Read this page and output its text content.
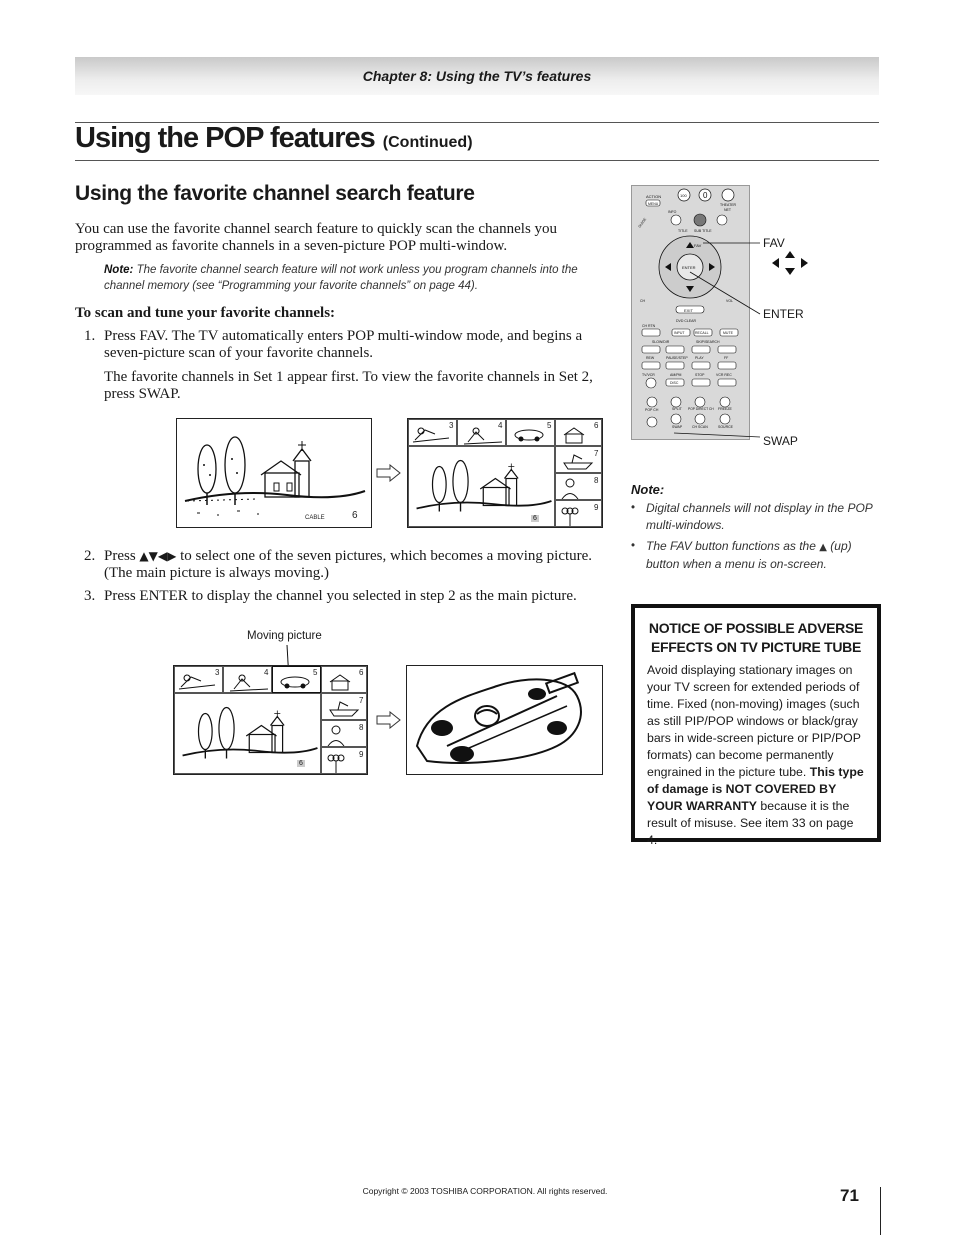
Chapter 8: Using the TV’s features
Using the POP features (Continued)
Using the favorite channel search feature
You can use the favorite channel search feature to quickly scan the channels you programmed as favorite channels in a seven-picture POP multi-window.
Note: The favorite channel search feature will not work unless you program channels into the channel memory (see “Programming your favorite channels” on page 44).
To scan and tune your favorite channels:
1. Press FAV. The TV automatically enters POP multi-window mode, and begins a seven-picture scan of your favorite channels.
The favorite channels in Set 1 appear first. To view the favorite channels in Set 2, press SWAP.
CABLE	6
3	4	5	6
6
7
8
9
2. Press ▲▼◀▶ to select one of the seven pictures, which becomes a moving picture. (The main picture is always moving.)
3. Press ENTER to display the channel you selected in step 2 as the main picture.
Moving picture
3	4	5	6
6
7
8
9
ACTION
MENU
100 0
THEATER
NET
GUIDE
INFO
TITLE SUB TITLE
FAV
ENTER
CH	VOL
EXIT
DVD CLEAR
CH RTN
INPUT	RECALL	MUTE
SLOW/DIR	SKIP/SEARCH
REW	PAUSE/STEP PLAY	FF
TV/VCR	AM/PM	STOP	VCR REC
DISC
POP CH	SPLIT POP DIRECT CH FREEZE
SWAP	CH SCAN	SOURCE
FAV
ENTER
SWAP
Note:
• Digital channels will not display in the POP multi-windows.
• The FAV button functions as the ▲ (up) button when a menu is on-screen.
NOTICE OF POSSIBLE ADVERSE EFFECTS ON TV PICTURE TUBE
Avoid displaying stationary images on your TV screen for extended periods of time. Fixed (non-moving) images (such as still PIP/POP windows or black/gray bars in wide-screen picture or PIP/POP formats) can become permanently engrained in the picture tube. This type of damage is NOT COVERED BY YOUR WARRANTY because it is the result of misuse. See item 33 on page 4.
Copyright © 2003 TOSHIBA CORPORATION. All rights reserved.	71
